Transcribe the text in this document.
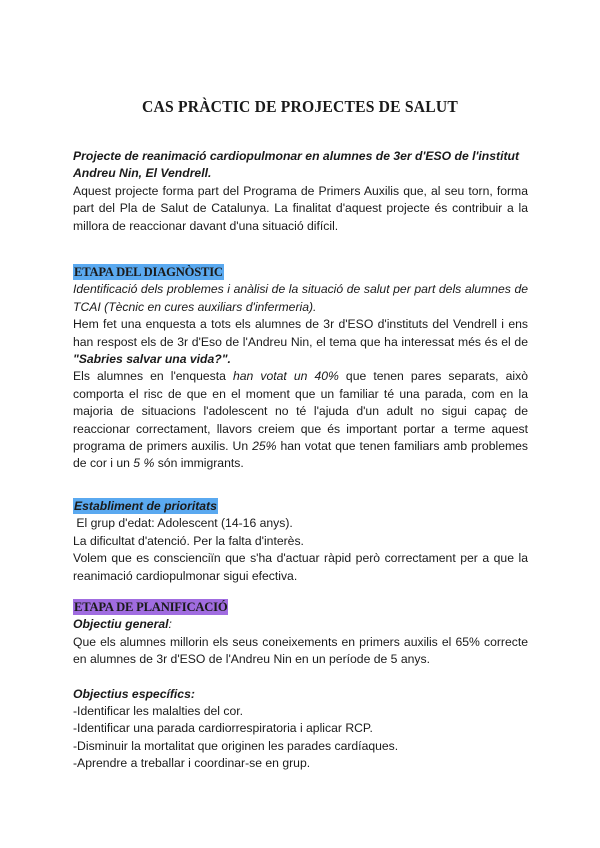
CAS PRÀCTIC DE PROJECTES DE SALUT

Projecte de reanimació cardiopulmonar en alumnes de 3er d'ESO de l'institut Andreu Nin, El Vendrell.

Aquest projecte forma part del Programa de Primers Auxilis que, al seu torn, forma part del Pla de Salut de Catalunya. La finalitat d'aquest projecte és contribuir a la millora de reaccionar davant d'una situació difícil.

ETAPA DEL DIAGNÒSTIC

Identificació dels problemes i anàlisi de la situació de salut per part dels alumnes de TCAI (Tècnic en cures auxiliars d'infermeria).

Hem fet una enquesta a tots els alumnes de 3r d'ESO d'instituts del Vendrell i ens han respost els de 3r d'Eso de l'Andreu Nin, el tema que ha interessat més és el de "Sabries salvar una vida?".

Els alumnes en l'enquesta han votat un 40% que tenen pares separats, això comporta el risc de que en el moment que un familiar té una parada, com en la majoria de situacions l'adolescent no té l'ajuda d'un adult no sigui capaç de reaccionar correctament, llavors creiem que és important portar a terme aquest programa de primers auxilis. Un 25% han votat que tenen familiars amb problemes de cor i un 5 % són immigrants.

Establiment de prioritats

El grup d'edat: Adolescent (14-16 anys).

La dificultat d'atenció. Per la falta d'interès.

Volem que es conscienciïn que s'ha d'actuar ràpid però correctament per a que la reanimació cardiopulmonar sigui efectiva.

ETAPA DE PLANIFICACIÓ

Objectiu general:

Que els alumnes millorin els seus coneixements en primers auxilis el 65% correcte en alumnes de 3r d'ESO de l'Andreu Nin en un període de 5 anys.

Objectius específics:

-Identificar les malalties del cor.

-Identificar una parada cardiorrespiratoria i aplicar RCP.

-Disminuir la mortalitat que originen les parades cardíaques.

-Aprendre a treballar i coordinar-se en grup.
